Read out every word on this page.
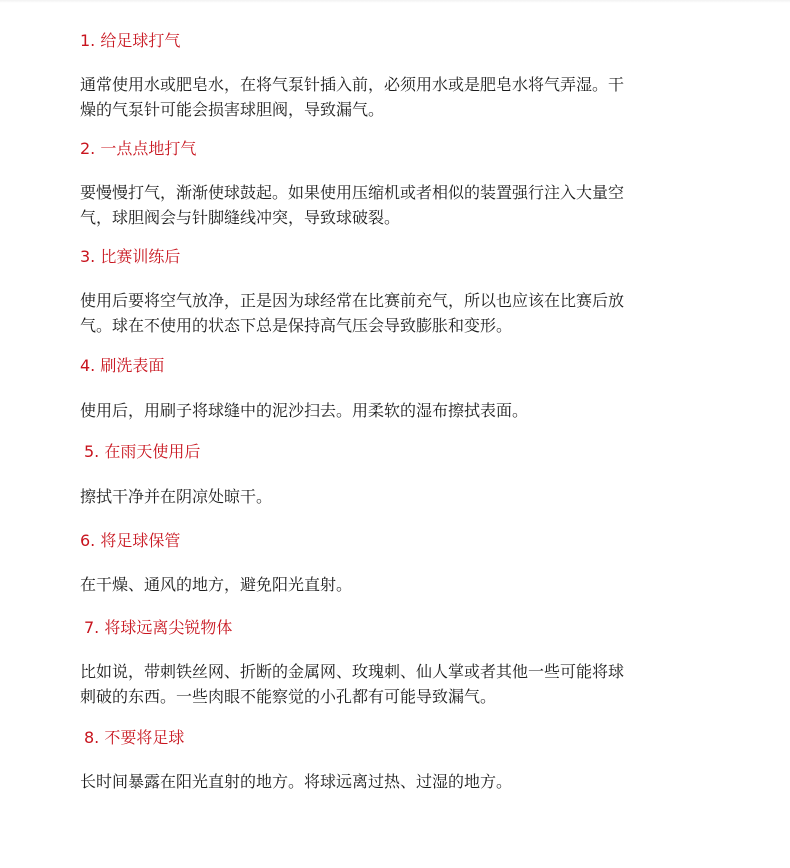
1. 给足球打气
通常使用水或肥皂水，在将气泵针插入前，必须用水或是肥皂水将气弄湿。干
燥的气泵针可能会损害球胆阀，导致漏气。
2. 一点点地打气
要慢慢打气，渐渐使球鼓起。如果使用压缩机或者相似的装置强行注入大量空
气，球胆阀会与针脚缝线冲突，导致球破裂。
3. 比赛训练后
使用后要将空气放净，正是因为球经常在比赛前充气，所以也应该在比赛后放
气。球在不使用的状态下总是保持高气压会导致膨胀和变形。
4. 刷洗表面
使用后，用刷子将球缝中的泥沙扫去。用柔软的湿布擦拭表面。
5. 在雨天使用后
擦拭干净并在阴凉处晾干。
6. 将足球保管
在干燥、通风的地方，避免阳光直射。
7. 将球远离尖锐物体
比如说，带刺铁丝网、折断的金属网、玫瑰刺、仙人掌或者其他一些可能将球
刺破的东西。一些肉眼不能察觉的小孔都有可能导致漏气。
8. 不要将足球
长时间暴露在阳光直射的地方。将球远离过热、过湿的地方。
